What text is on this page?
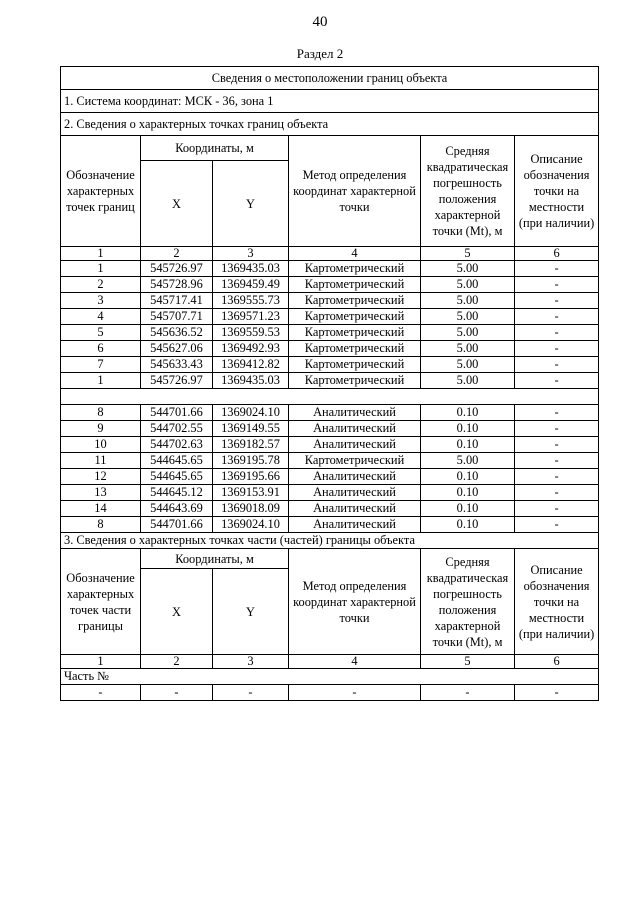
40
Раздел 2
Сведения о местоположении границ объекта					
1. Система координат: МСК - 36, зона 1					
2. Сведения о характерных точках границ объекта					
Обозначение характерных точек границ	Координаты, м		Метод определения координат характерной точки	Средняя квадратическая погрешность положения характерной точки (Mt), м	Описание обозначения точки на местности (при наличии)
	X	Y			
1	2	3	4	5	6
1	545726.97	1369435.03	Картометрический	5.00	-
2	545728.96	1369459.49	Картометрический	5.00	-
3	545717.41	1369555.73	Картометрический	5.00	-
4	545707.71	1369571.23	Картометрический	5.00	-
5	545636.52	1369559.53	Картометрический	5.00	-
6	545627.06	1369492.93	Картометрический	5.00	-
7	545633.43	1369412.82	Картометрический	5.00	-
1	545726.97	1369435.03	Картометрический	5.00	-

8	544701.66	1369024.10	Аналитический	0.10	-
9	544702.55	1369149.55	Аналитический	0.10	-
10	544702.63	1369182.57	Аналитический	0.10	-
11	544645.65	1369195.78	Картометрический	5.00	-
12	544645.65	1369195.66	Аналитический	0.10	-
13	544645.12	1369153.91	Аналитический	0.10	-
14	544643.69	1369018.09	Аналитический	0.10	-
8	544701.66	1369024.10	Аналитический	0.10	-
3. Сведения о характерных точках части (частей) границы объекта					
Обозначение характерных точек части границы	Координаты, м		Метод определения координат характерной точки	Средняя квадратическая погрешность положения характерной точки (Mt), м	Описание обозначения точки на местности (при наличии)
	X	Y			
1	2	3	4	5	6
Часть №					
-	-	-	-	-	-
